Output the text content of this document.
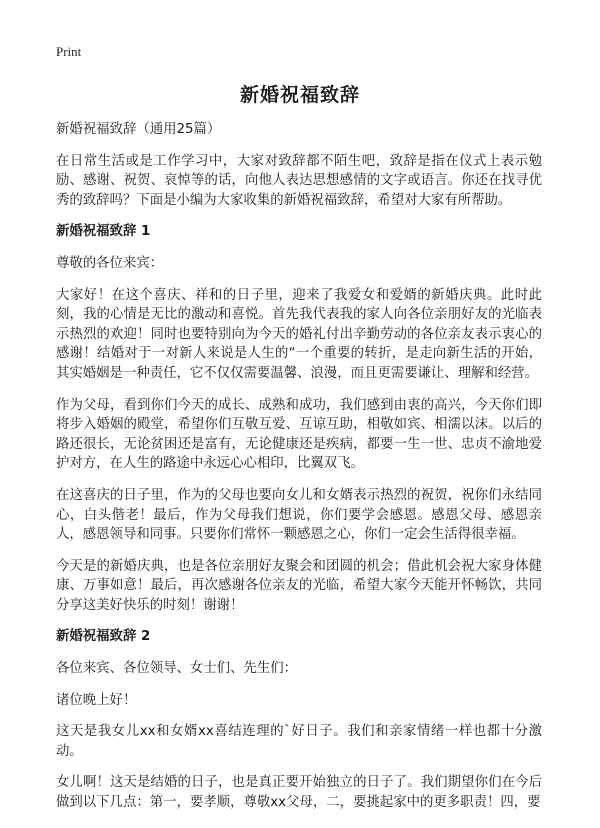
Print
新婚祝福致辞

新婚祝福致辞（通用25篇）

在日常生活或是工作学习中，大家对致辞都不陌生吧，致辞是指在仪式上表示勉励、感谢、祝贺、哀悼等的话，向他人表达思想感情的文字或语言。你还在找寻优秀的致辞吗？下面是小编为大家收集的新婚祝福致辞，希望对大家有所帮助。

新婚祝福致辞 1

尊敬的各位来宾：

大家好！在这个喜庆、祥和的日子里，迎来了我爱女和爱婿的新婚庆典。此时此刻，我的心情是无比的激动和喜悦。首先我代表我的家人向各位亲朋好友的光临表示热烈的欢迎！同时也要特别向为今天的婚礼付出辛勤劳动的各位亲友表示衷心的感谢！结婚对于一对新人来说是人生的“一个重要的转折，是走向新生活的开始，其实婚姻是一种责任，它不仅仅需要温馨、浪漫，而且更需要谦让、理解和经营。

作为父母，看到你们今天的成长、成熟和成功，我们感到由衷的高兴，今天你们即将步入婚姻的殿堂，希望你们互敬互爱、互谅互助，相敬如宾、相濡以沫。以后的路还很长，无论贫困还是富有，无论健康还是疾病，都要一生一世、忠贞不渝地爱护对方，在人生的路途中永远心心相印，比翼双飞。

在这喜庆的日子里，作为的父母也要向女儿和女婿表示热烈的祝贺，祝你们永结同心，白头偕老！最后，作为父母我们想说，你们要学会感恩。感恩父母、感恩亲人，感恩领导和同事。只要你们常怀一颗感恩之心，你们一定会生活得很幸福。

今天是的新婚庆典，也是各位亲朋好友聚会和团圆的机会；借此机会祝大家身体健康、万事如意！最后，再次感谢各位亲友的光临，希望大家今天能开怀畅饮，共同分享这美好快乐的时刻！谢谢！

新婚祝福致辞 2

各位来宾、各位领导、女士们、先生们：

诸位晚上好！

这天是我女儿xx和女婿xx喜结连理的`好日子。我们和亲家情绪一样也都十分激动。

女儿啊！这天是结婚的日子，也是真正要开始独立的日子了。我们期望你们在今后做到以下几点：第一，要孝顺，尊敬xx父母，二，要挑起家中的更多职责！四，要
